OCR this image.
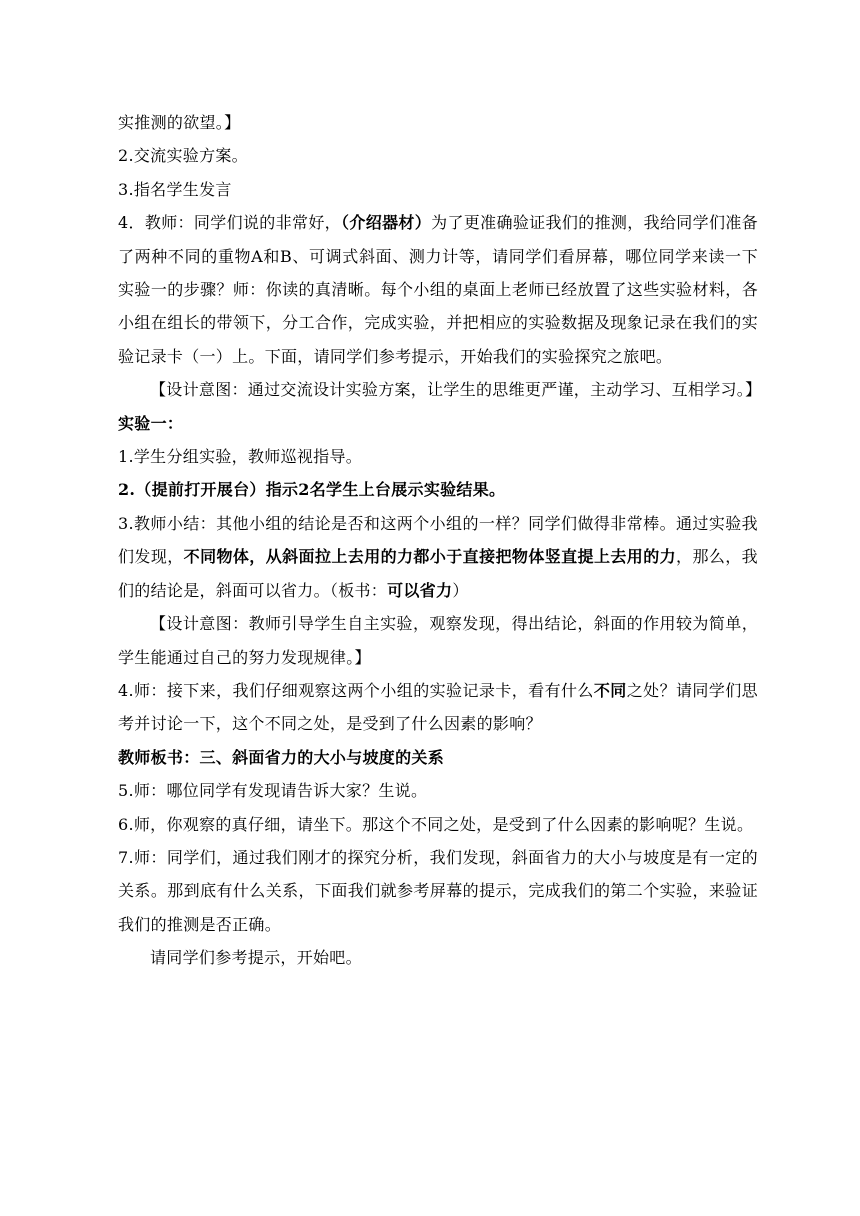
实推测的欲望。】

2.交流实验方案。

3.指名学生发言

4．教师：同学们说的非常好，（介绍器材）为了更准确验证我们的推测，我给同学们准备了两种不同的重物A和B、可调式斜面、测力计等，请同学们看屏幕，哪位同学来读一下实验一的步骤？师：你读的真清晰。每个小组的桌面上老师已经放置了这些实验材料，各小组在组长的带领下，分工合作，完成实验，并把相应的实验数据及现象记录在我们的实验记录卡（一）上。下面，请同学们参考提示，开始我们的实验探究之旅吧。

【设计意图：通过交流设计实验方案，让学生的思维更严谨，主动学习、互相学习。】

实验一：

1.学生分组实验，教师巡视指导。

2.（提前打开展台）指示2名学生上台展示实验结果。

3.教师小结：其他小组的结论是否和这两个小组的一样？同学们做得非常棒。通过实验我们发现，不同物体，从斜面拉上去用的力都小于直接把物体竖直提上去用的力，那么，我们的结论是，斜面可以省力。（板书：可以省力）

【设计意图：教师引导学生自主实验，观察发现，得出结论，斜面的作用较为简单，学生能通过自己的努力发现规律。】

4.师：接下来，我们仔细观察这两个小组的实验记录卡，看有什么不同之处？请同学们思考并讨论一下，这个不同之处，是受到了什么因素的影响？

教师板书：三、斜面省力的大小与坡度的关系

5.师：哪位同学有发现请告诉大家？生说。

6.师，你观察的真仔细，请坐下。那这个不同之处，是受到了什么因素的影响呢？生说。

7.师：同学们，通过我们刚才的探究分析，我们发现，斜面省力的大小与坡度是有一定的关系。那到底有什么关系，下面我们就参考屏幕的提示，完成我们的第二个实验，来验证我们的推测是否正确。

请同学们参考提示，开始吧。
